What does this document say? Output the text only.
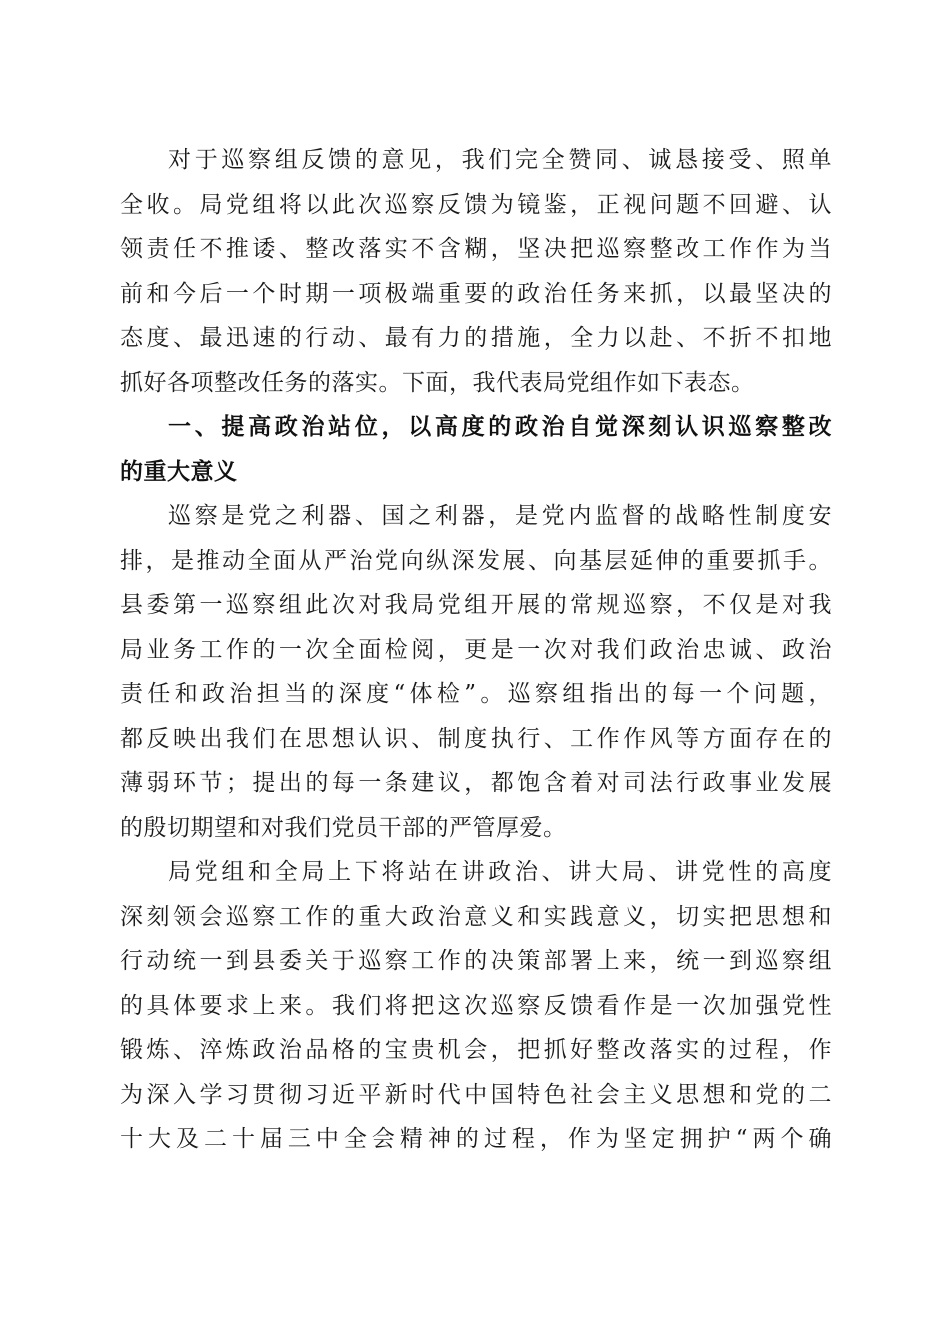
对于巡察组反馈的意见，我们完全赞同、诚恳接受、照单
全收。局党组将以此次巡察反馈为镜鉴，正视问题不回避、认
领责任不推诿、整改落实不含糊，坚决把巡察整改工作作为当
前和今后一个时期一项极端重要的政治任务来抓，以最坚决的
态度、最迅速的行动、最有力的措施，全力以赴、不折不扣地
抓好各项整改任务的落实。下面，我代表局党组作如下表态。
一、提高政治站位，以高度的政治自觉深刻认识巡察整改
的重大意义
巡察是党之利器、国之利器，是党内监督的战略性制度安
排，是推动全面从严治党向纵深发展、向基层延伸的重要抓手。
县委第一巡察组此次对我局党组开展的常规巡察，不仅是对我
局业务工作的一次全面检阅，更是一次对我们政治忠诚、政治
责任和政治担当的深度“体检”。巡察组指出的每一个问题，
都反映出我们在思想认识、制度执行、工作作风等方面存在的
薄弱环节；提出的每一条建议，都饱含着对司法行政事业发展
的殷切期望和对我们党员干部的严管厚爱。
局党组和全局上下将站在讲政治、讲大局、讲党性的高度
深刻领会巡察工作的重大政治意义和实践意义，切实把思想和
行动统一到县委关于巡察工作的决策部署上来，统一到巡察组
的具体要求上来。我们将把这次巡察反馈看作是一次加强党性
锻炼、淬炼政治品格的宝贵机会，把抓好整改落实的过程，作
为深入学习贯彻习近平新时代中国特色社会主义思想和党的二
十大及二十届三中全会精神的过程，作为坚定拥护“两个确
